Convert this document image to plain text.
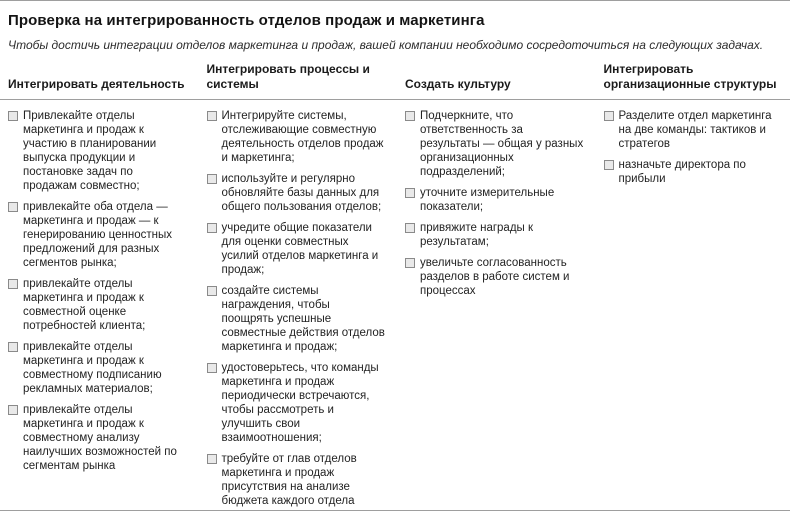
Проверка на интегрированность отделов продаж и маркетинга
Чтобы достичь интеграции отделов маркетинга и продаж, вашей компании необходимо сосредоточиться на следующих задачах.
Интегрировать деятельность
Интегрировать процессы и системы	Создать культуру
Интегрировать организационные структуры
Привлекайте отделы маркетинга и продаж к участию в планировании выпуска продукции и постановке задач по продажам совместно;
привлекайте оба отдела — маркетинга и продаж — к генерированию ценностных предложений для разных сегментов рынка;
привлекайте отделы маркетинга и продаж к совместной оценке потребностей клиента;
привлекайте отделы маркетинга и продаж к совместному подписанию рекламных материалов;
привлекайте отделы маркетинга и продаж к совместному анализу наилучших возможностей по сегментам рынка
Интегрируйте системы, отслеживающие совместную деятельность отделов продаж и маркетинга;
используйте и регулярно обновляйте базы данных для общего пользования отделов;
учредите общие показатели для оценки совместных усилий отделов маркетинга и продаж;
создайте системы награждения, чтобы поощрять успешные совместные действия отделов маркетинга и продаж;
удостоверьтесь, что команды маркетинга и продаж периодически встречаются, чтобы рассмотреть и улучшить свои взаимоотношения;
требуйте от глав отделов маркетинга и продаж присутствия на анализе бюджета каждого отдела
Подчеркните, что ответственность за результаты — общая у разных организационных подразделений;
уточните измерительные показатели;
привяжите награды к результатам;
увеличьте согласованность разделов в работе систем и процессах
Разделите отдел маркетинга на две команды: тактиков и стратегов
назначьте директора по прибыли
